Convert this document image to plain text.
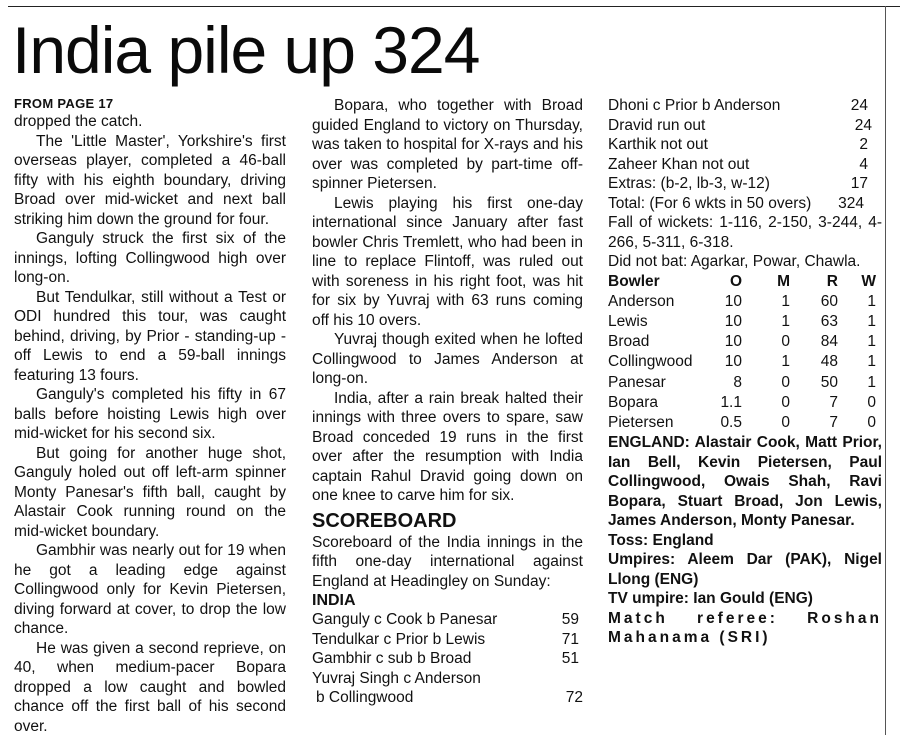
India pile up 324
FROM PAGE 17

dropped the catch.

The 'Little Master', Yorkshire's first overseas player, completed a 46-ball fifty with his eighth boundary, driving Broad over mid-wicket and next ball striking him down the ground for four.

Ganguly struck the first six of the innings, lofting Collingwood high over long-on.

But Tendulkar, still without a Test or ODI hundred this tour, was caught behind, driving, by Prior - standing-up - off Lewis to end a 59-ball innings featuring 13 fours.

Ganguly's completed his fifty in 67 balls before hoisting Lewis high over mid-wicket for his second six.

But going for another huge shot, Ganguly holed out off left-arm spinner Monty Panesar's fifth ball, caught by Alastair Cook running round on the mid-wicket boundary.

Gambhir was nearly out for 19 when he got a leading edge against Collingwood only for Kevin Pietersen, diving forward at cover, to drop the low chance.

He was given a second reprieve, on 40, when medium-pacer Bopara dropped a low caught and bowled chance off the first ball of his second over.

Bopara, who together with Broad guided England to victory on Thursday, was taken to hospital for X-rays and his over was completed by part-time off-spinner Pietersen.

Lewis playing his first one-day international since January after fast bowler Chris Tremlett, who had been in line to replace Flintoff, was ruled out with soreness in his right foot, was hit for six by Yuvraj with 63 runs coming off his 10 overs.

Yuvraj though exited when he lofted Collingwood to James Anderson at long-on.

India, after a rain break halted their innings with three overs to spare, saw Broad conceded 19 runs in the first over after the resumption with India captain Rahul Dravid going down on one knee to carve him for six.

SCOREBOARD

Scoreboard of the India innings in the fifth one-day international against England at Headingley on Sunday:

INDIA
Ganguly c Cook b Panesar	59
Tendulkar c Prior b Lewis	71
Gambhir c sub b Broad	51
Yuvraj Singh c Anderson
b Collingwood	72
Dhoni c Prior b Anderson	24
Dravid run out	24
Karthik not out	2
Zaheer Khan not out	4
Extras: (b-2, lb-3, w-12)	17
Total: (For 6 wkts in 50 overs)	324

Fall of wickets: 1-116, 2-150, 3-244, 4-266, 5-311, 6-318.

Did not bat: Agarkar, Powar, Chawla.

Bowler	O	M	R	W
Anderson	10	1	60	1
Lewis	10	1	63	1
Broad	10	0	84	1
Collingwood	10	1	48	1
Panesar	8	0	50	1
Bopara	1.1	0	7	0
Pietersen	0.5	0	7	0

ENGLAND: Alastair Cook, Matt Prior, Ian Bell, Kevin Pietersen, Paul Collingwood, Owais Shah, Ravi Bopara, Stuart Broad, Jon Lewis, James Anderson, Monty Panesar.

Toss: England

Umpires: Aleem Dar (PAK), Nigel Llong (ENG)

TV umpire: Ian Gould (ENG)

Match referee: Roshan Mahanama (SRI)
